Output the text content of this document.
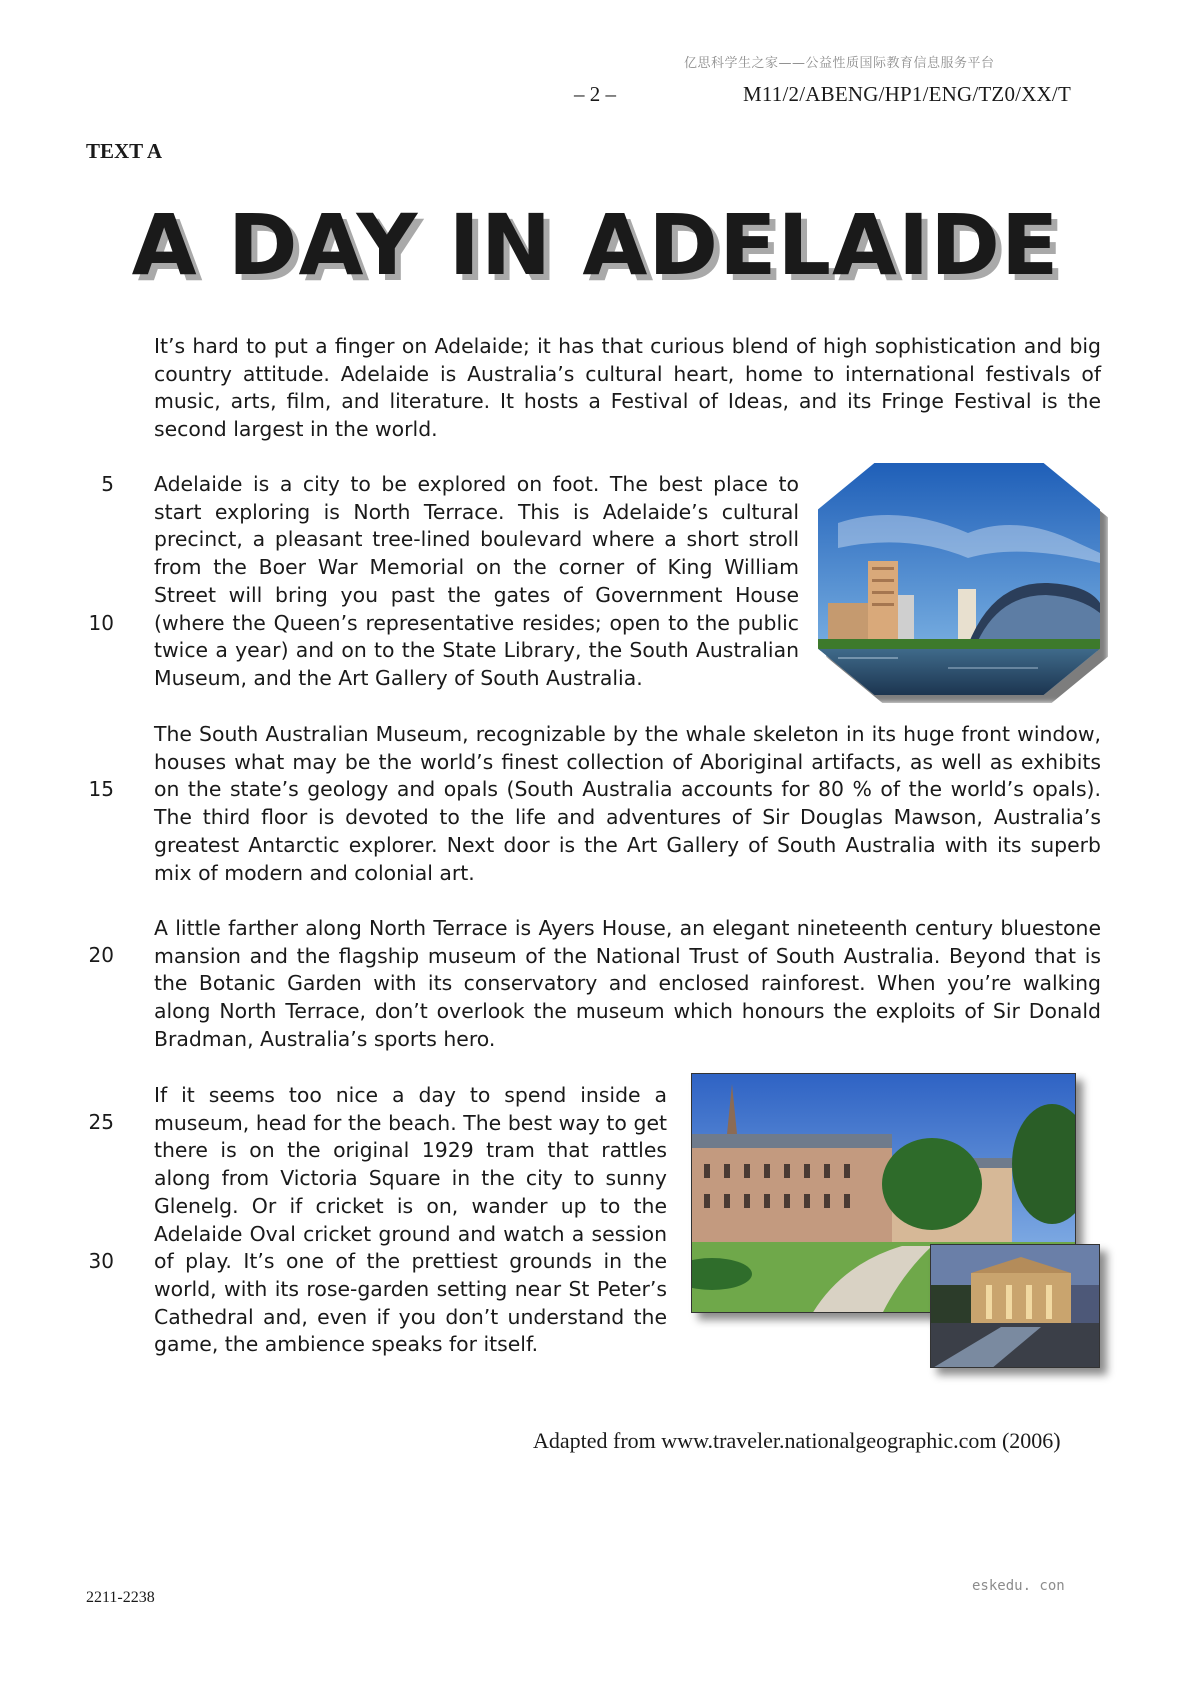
亿思科学生之家——公益性质国际教育信息服务平台
– 2 –	M11/2/ABENG/HP1/ENG/TZ0/XX/T
TEXT A
A DAY IN ADELAIDE

It’s hard to put a finger on Adelaide; it has that curious blend of high sophistication and big country attitude. Adelaide is Australia’s cultural heart, home to international festivals of music, arts, film, and literature. It hosts a Festival of Ideas, and its Fringe Festival is the second largest in the world.

Adelaide is a city to be explored on foot. The best place to start exploring is North Terrace. This is Adelaide’s cultural precinct, a pleasant tree-lined boulevard where a short stroll from the Boer War Memorial on the corner of King William Street will bring you past the gates of Government House (where the Queen’s representative resides; open to the public twice a year) and on to the State Library, the South Australian Museum, and the Art Gallery of South Australia.

The South Australian Museum, recognizable by the whale skeleton in its huge front window, houses what may be the world’s finest collection of Aboriginal artifacts, as well as exhibits on the state’s geology and opals (South Australia accounts for 80 % of the world’s opals). The third floor is devoted to the life and adventures of Sir Douglas Mawson, Australia’s greatest Antarctic explorer. Next door is the Art Gallery of South Australia with its superb mix of modern and colonial art.

A little farther along North Terrace is Ayers House, an elegant nineteenth century bluestone mansion and the flagship museum of the National Trust of South Australia. Beyond that is the Botanic Garden with its conservatory and enclosed rainforest. When you’re walking along North Terrace, don’t overlook the museum which honours the exploits of Sir Donald Bradman, Australia’s sports hero.

If it seems too nice a day to spend inside a museum, head for the beach. The best way to get there is on the original 1929 tram that rattles along from Victoria Square in the city to sunny Glenelg. Or if cricket is on, wander up to the Adelaide Oval cricket ground and watch a session of play. It’s one of the prettiest grounds in the world, with its rose-garden setting near St Peter’s Cathedral and, even if you don’t understand the game, the ambience speaks for itself.

5
10
15
20
25
30
Adapted from www.traveler.nationalgeographic.com (2006)
2211-2238
eskedu. con
